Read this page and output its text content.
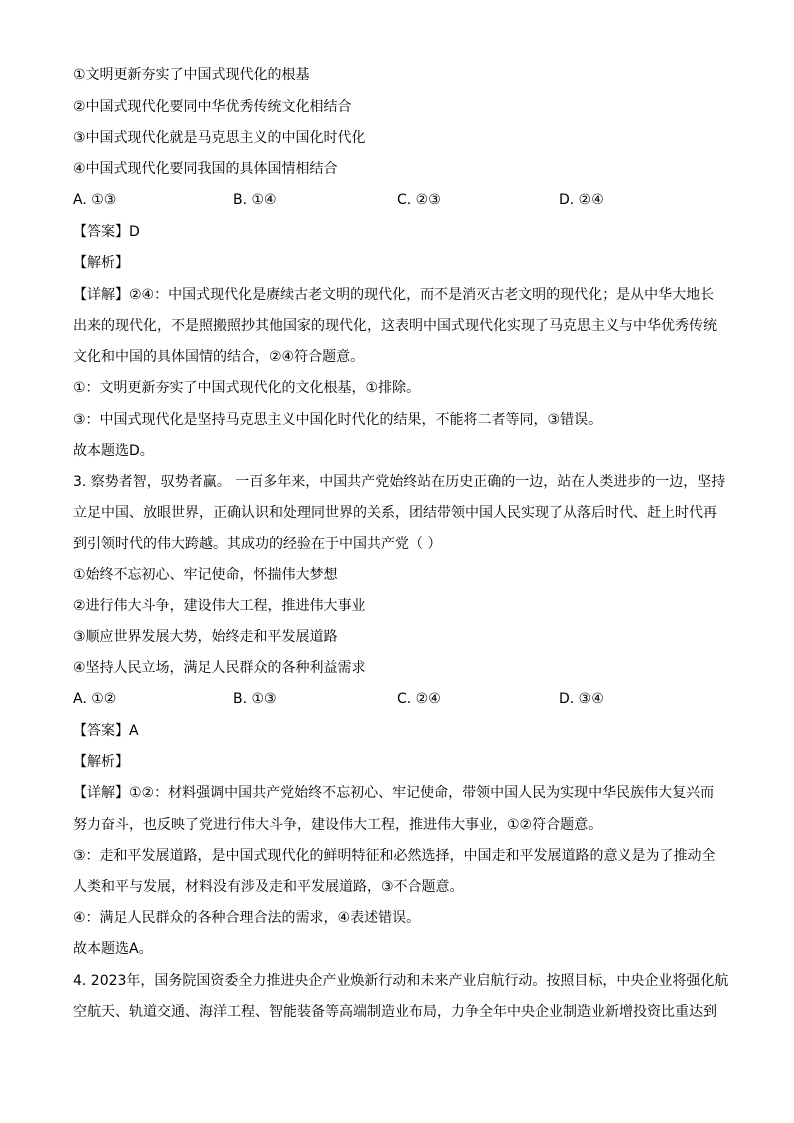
①文明更新夯实了中国式现代化的根基
②中国式现代化要同中华优秀传统文化相结合
③中国式现代化就是马克思主义的中国化时代化
④中国式现代化要同我国的具体国情相结合
A. ①③	B. ①④	C. ②③	D. ②④
【答案】D
【解析】
【详解】②④：中国式现代化是赓续古老文明的现代化，而不是消灭古老文明的现代化；是从中华大地长
出来的现代化，不是照搬照抄其他国家的现代化，这表明中国式现代化实现了马克思主义与中华优秀传统
文化和中国的具体国情的结合，②④符合题意。
①：文明更新夯实了中国式现代化的文化根基，①排除。
③：中国式现代化是坚持马克思主义中国化时代化的结果，不能将二者等同，③错误。
故本题选D。
3. 察势者智，驭势者赢。 一百多年来，中国共产党始终站在历史正确的一边，站在人类进步的一边，坚持
立足中国、放眼世界，正确认识和处理同世界的关系，团结带领中国人民实现了从落后时代、赶上时代再
到引领时代的伟大跨越。其成功的经验在于中国共产党（ ）
①始终不忘初心、牢记使命，怀揣伟大梦想
②进行伟大斗争，建设伟大工程，推进伟大事业
③顺应世界发展大势，始终走和平发展道路
④坚持人民立场，满足人民群众的各种利益需求
A. ①②	B. ①③	C. ②④	D. ③④
【答案】A
【解析】
【详解】①②：材料强调中国共产党始终不忘初心、牢记使命，带领中国人民为实现中华民族伟大复兴而
努力奋斗，也反映了党进行伟大斗争，建设伟大工程，推进伟大事业，①②符合题意。
③：走和平发展道路，是中国式现代化的鲜明特征和必然选择，中国走和平发展道路的意义是为了推动全
人类和平与发展，材料没有涉及走和平发展道路，③不合题意。
④：满足人民群众的各种合理合法的需求，④表述错误。
故本题选A。
4. 2023年，国务院国资委全力推进央企产业焕新行动和未来产业启航行动。按照目标，中央企业将强化航
空航天、轨道交通、海洋工程、智能装备等高端制造业布局，力争全年中央企业制造业新增投资比重达到
